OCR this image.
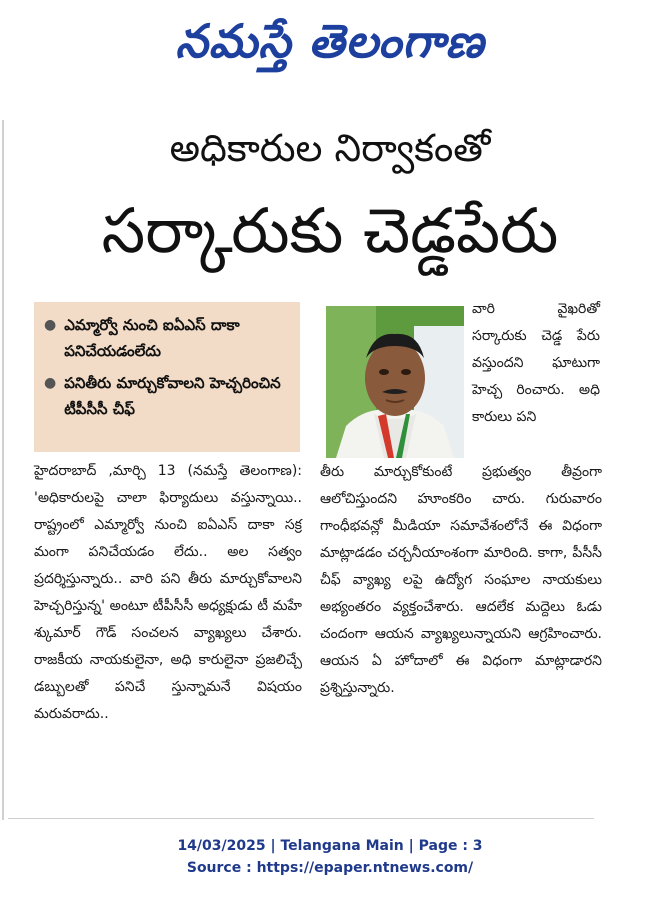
నమస్తే తెలంగాణ
అధికారుల నిర్వాకంతో
సర్కారుకు చెడ్డపేరు
● ఎమ్మార్వో నుంచి ఐఏఎస్ దాకా పనిచేయడంలేదు
● పనితీరు మార్చుకోవాలని హెచ్చరించిన టీపీసీసీ చీఫ్
హైదరాబాద్ ,మార్చి 13 (నమస్తే తెలంగాణ): 'అధికారులపై చాలా ఫిర్యాదులు వస్తున్నాయి.. రాష్ట్రంలో ఎమ్మార్వో నుంచి ఐఏఎస్ దాకా సక్ర మంగా పనిచేయడం లేదు.. అల సత్వం ప్రదర్శిస్తున్నారు.. వారి పని తీరు మార్చుకోవాలని హెచ్చరిస్తున్న' అంటూ టీపీసీసీ అధ్యక్షుడు టీ మహే శ్కుమార్ గౌడ్ సంచలన వ్యాఖ్యలు చేశారు. రాజకీయ నాయకులైనా, అధి కారులైనా ప్రజలిచ్చే డబ్బులతో పనిచే స్తున్నామనే విషయం మరువరాదు..
వారి వైఖరితో సర్కారుకు చెడ్డ పేరు వస్తుందని ఘాటుగా హెచ్చ రించారు. అధి కారులు పని
తీరు మార్చుకోకుంటే ప్రభుత్వం తీవ్రంగా ఆలోచిస్తుందని హూంకరిం చారు. గురువారం గాంధీభవన్లో మీడియా సమావేశంలోనే ఈ విధంగా మాట్లాడడం చర్చనీయాంశంగా మారింది. కాగా, పీసీసీ చీఫ్ వ్యాఖ్య లపై ఉద్యోగ సంఘాల నాయకులు అభ్యంతరం వ్యక్తంచేశారు. ఆదలేక మద్దెలు ఓడు చందంగా ఆయన వ్యాఖ్యలున్నాయని ఆగ్రహించారు. ఆయన ఏ హోదాలో ఈ విధంగా మాట్లాడారని ప్రశ్నిస్తున్నారు.
14/03/2025 | Telangana Main | Page : 3
Source : https://epaper.ntnews.com/
